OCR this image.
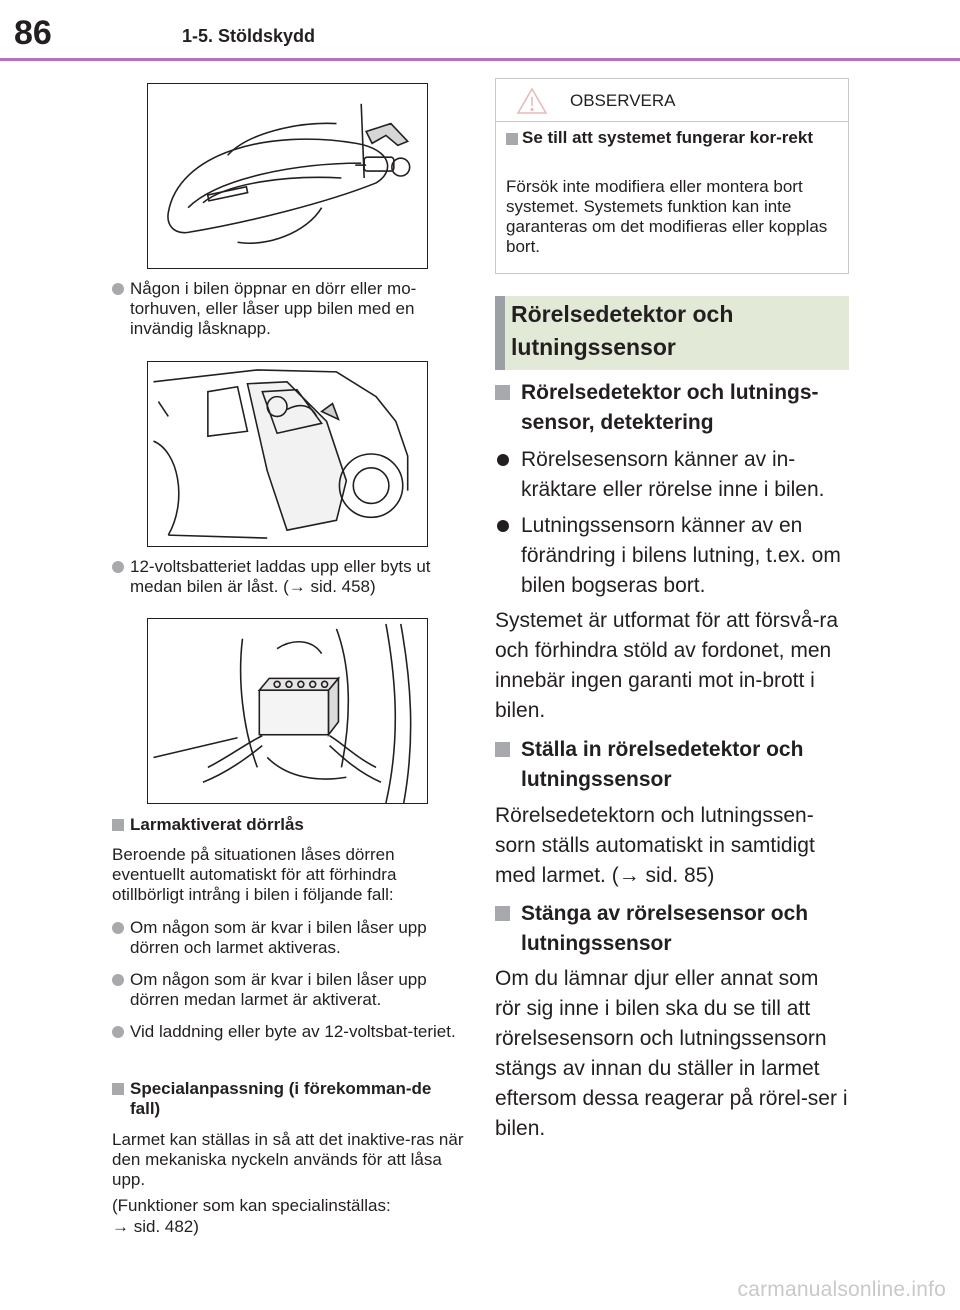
86	1-5. Stöldskydd
Någon i bilen öppnar en dörr eller mo-torhuven, eller låser upp bilen med en invändig låsknapp.
12-voltsbatteriet laddas upp eller byts ut medan bilen är låst. (→ sid. 458)
Larmaktiverat dörrlås
Beroende på situationen låses dörren eventuellt automatiskt för att förhindra otillbörligt intrång i bilen i följande fall:
Om någon som är kvar i bilen låser upp dörren och larmet aktiveras.
Om någon som är kvar i bilen låser upp dörren medan larmet är aktiverat.
Vid laddning eller byte av 12-voltsbat-teriet.
Specialanpassning (i förekomman-de fall)
Larmet kan ställas in så att det inaktive-ras när den mekaniska nyckeln används för att låsa upp.
(Funktioner som kan specialinställas:
→ sid. 482)
OBSERVERA
Se till att systemet fungerar kor-rekt
Försök inte modifiera eller montera bort systemet. Systemets funktion kan inte garanteras om det modifieras eller kopplas bort.
Rörelsedetektor och
lutningssensor
Rörelsedetektor och lutnings-sensor, detektering
Rörelsesensorn känner av in-kräktare eller rörelse inne i bilen.
Lutningssensorn känner av en förändring i bilens lutning, t.ex. om bilen bogseras bort.
Systemet är utformat för att försvå-ra och förhindra stöld av fordonet, men innebär ingen garanti mot in-brott i bilen.
Ställa in rörelsedetektor och lutningssensor
Rörelsedetektorn och lutningssen-sorn ställs automatiskt in samtidigt med larmet. (→ sid. 85)
Stänga av rörelsesensor och lutningssensor
Om du lämnar djur eller annat som rör sig inne i bilen ska du se till att rörelsesensorn och lutningssensorn stängs av innan du ställer in larmet eftersom dessa reagerar på rörel-ser i bilen.
carmanualsonline.info
